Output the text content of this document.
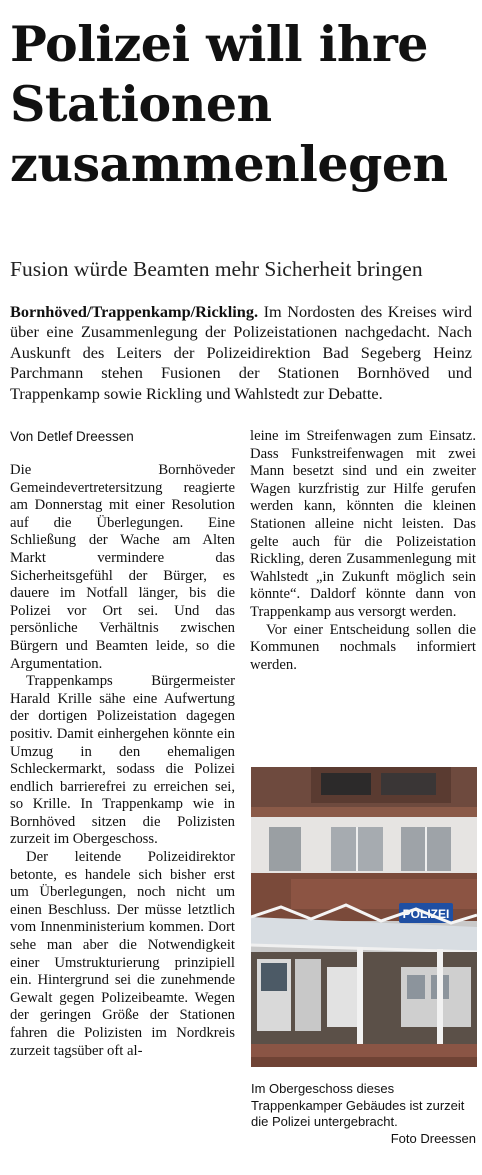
Polizei will ihre Stationen zusammenlegen
Fusion würde Beamten mehr Sicherheit bringen
Bornhöved/Trappenkamp/Rickling. Im Nordosten des Kreises wird über eine Zusammenlegung der Polizeistationen nachgedacht. Nach Auskunft des Leiters der Polizeidirektion Bad Segeberg Heinz Parchmann stehen Fusionen der Stationen Bornhöved und Trappenkamp sowie Rickling und Wahlstedt zur Debatte.
Von Detlef Dreessen

Die Bornhöveder Gemeindevertretersitzung reagierte am Donnerstag mit einer Resolution auf die Überlegungen. Eine Schließung der Wache am Alten Markt vermindere das Sicherheitsgefühl der Bürger, es dauere im Notfall länger, bis die Polizei vor Ort sei. Und das persönliche Verhältnis zwischen Bürgern und Beamten leide, so die Argumentation.

Trappenkamps Bürgermeister Harald Krille sähe eine Aufwertung der dortigen Polizeistation dagegen positiv. Damit einhergehen könnte ein Umzug in den ehemaligen Schleckermarkt, sodass die Polizei endlich barrierefrei zu erreichen sei, so Krille. In Trappenkamp wie in Bornhöved sitzen die Polizisten zurzeit im Obergeschoss.

Der leitende Polizeidirektor betonte, es handele sich bisher erst um Überlegungen, noch nicht um einen Beschluss. Der müsse letztlich vom Innenministerium kommen. Dort sehe man aber die Notwendigkeit einer Umstrukturierung prinzipiell ein. Hintergrund sei die zunehmende Gewalt gegen Polizeibeamte. Wegen der geringen Größe der Stationen fahren die Polizisten im Nordkreis zurzeit tagsüber oft al-

leine im Streifenwagen zum Einsatz. Dass Funkstreifenwagen mit zwei Mann besetzt sind und ein zweiter Wagen kurzfristig zur Hilfe gerufen werden kann, könnten die kleinen Stationen alleine nicht leisten. Das gelte auch für die Polizeistation Rickling, deren Zusammenlegung mit Wahlstedt „in Zukunft möglich sein könnte“. Daldorf könnte dann von Trappenkamp aus versorgt werden.

Vor einer Entscheidung sollen die Kommunen nochmals informiert werden.

POLIZEI
Im Obergeschoss dieses Trappenkamper Gebäudes ist zurzeit die Polizei untergebracht.
Foto Dreessen
